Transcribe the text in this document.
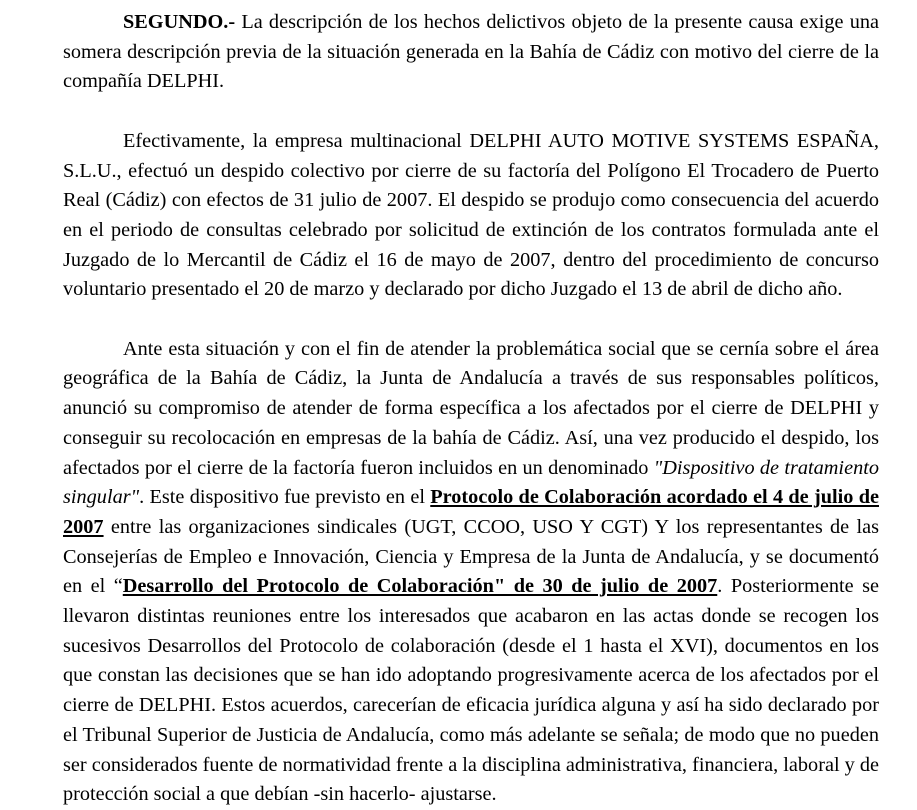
SEGUNDO.- La descripción de los hechos delictivos objeto de la presente causa exige una somera descripción previa de la situación generada en la Bahía de Cádiz con motivo del cierre de la compañía DELPHI.

Efectivamente, la empresa multinacional DELPHI AUTO MOTIVE SYSTEMS ESPAÑA, S.L.U., efectuó un despido colectivo por cierre de su factoría del Polígono El Trocadero de Puerto Real (Cádiz) con efectos de 31 julio de 2007. El despido se produjo como consecuencia del acuerdo en el periodo de consultas celebrado por solicitud de extinción de los contratos formulada ante el Juzgado de lo Mercantil de Cádiz el 16 de mayo de 2007, dentro del procedimiento de concurso voluntario presentado el 20 de marzo y declarado por dicho Juzgado el 13 de abril de dicho año.

Ante esta situación y con el fin de atender la problemática social que se cernía sobre el área geográfica de la Bahía de Cádiz, la Junta de Andalucía a través de sus responsables políticos, anunció su compromiso de atender de forma específica a los afectados por el cierre de DELPHI y conseguir su recolocación en empresas de la bahía de Cádiz. Así, una vez producido el despido, los afectados por el cierre de la factoría fueron incluidos en un denominado "Dispositivo de tratamiento singular". Este dispositivo fue previsto en el Protocolo de Colaboración acordado el 4 de julio de 2007 entre las organizaciones sindicales (UGT, CCOO, USO Y CGT) Y los representantes de las Consejerías de Empleo e Innovación, Ciencia y Empresa de la Junta de Andalucía, y se documentó en el “Desarrollo del Protocolo de Colaboración" de 30 de julio de 2007. Posteriormente se llevaron distintas reuniones entre los interesados que acabaron en las actas donde se recogen los sucesivos Desarrollos del Protocolo de colaboración (desde el 1 hasta el XVI), documentos en los que constan las decisiones que se han ido adoptando progresivamente acerca de los afectados por el cierre de DELPHI. Estos acuerdos, carecerían de eficacia jurídica alguna y así ha sido declarado por el Tribunal Superior de Justicia de Andalucía, como más adelante se señala; de modo que no pueden ser considerados fuente de normatividad frente a la disciplina administrativa, financiera, laboral y de protección social a que debían -sin hacerlo- ajustarse.
